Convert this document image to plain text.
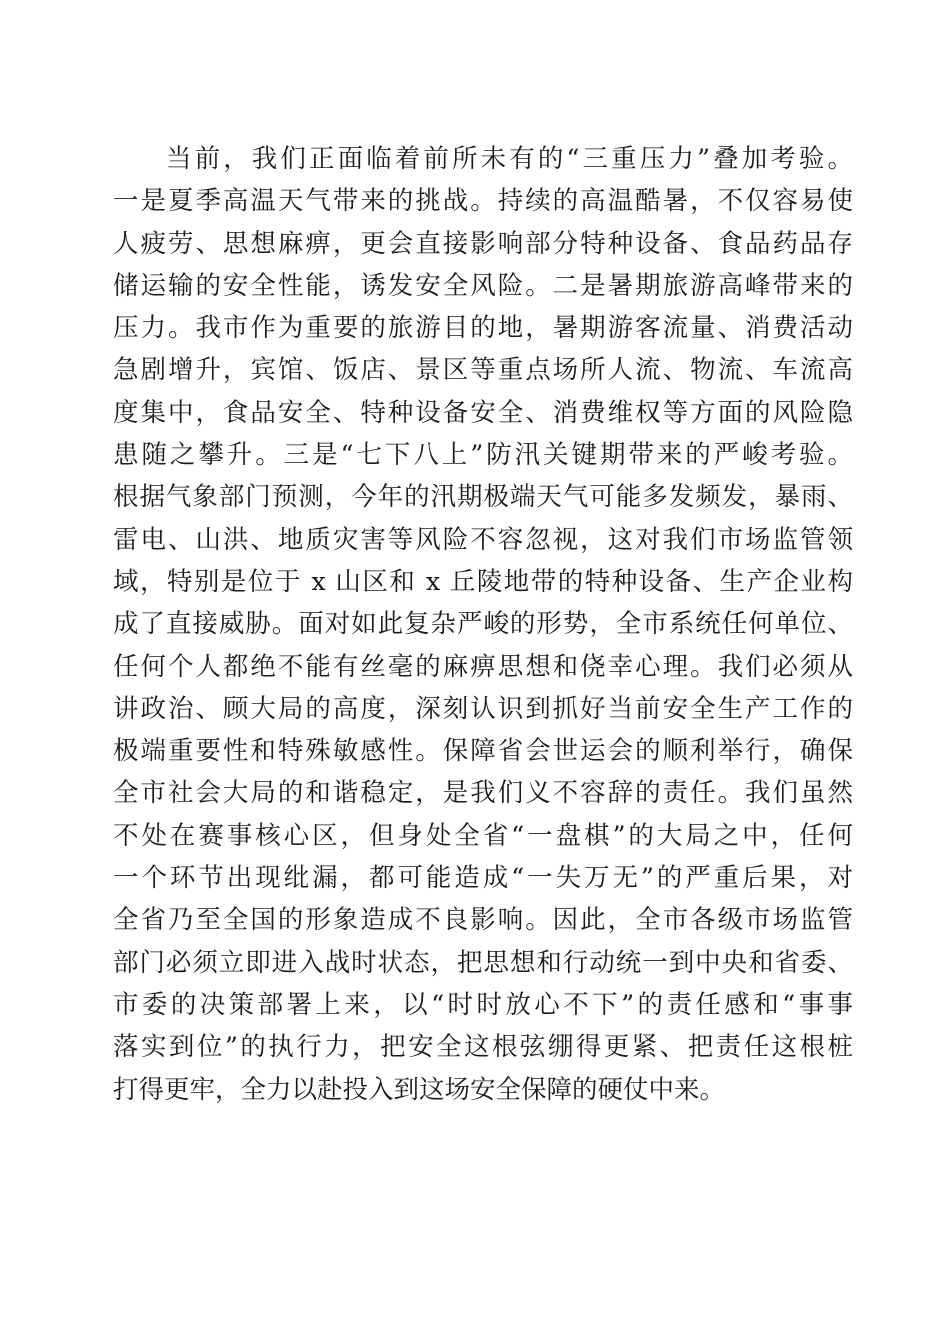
当前，我们正面临着前所未有的“三重压力”叠加考验。
一是夏季高温天气带来的挑战。持续的高温酷暑，不仅容易使
人疲劳、思想麻痹，更会直接影响部分特种设备、食品药品存
储运输的安全性能，诱发安全风险。二是暑期旅游高峰带来的
压力。我市作为重要的旅游目的地，暑期游客流量、消费活动
急剧增升，宾馆、饭店、景区等重点场所人流、物流、车流高
度集中，食品安全、特种设备安全、消费维权等方面的风险隐
患随之攀升。三是“七下八上”防汛关键期带来的严峻考验。
根据气象部门预测，今年的汛期极端天气可能多发频发，暴雨、
雷电、山洪、地质灾害等风险不容忽视，这对我们市场监管领
域，特别是位于 x 山区和 x 丘陵地带的特种设备、生产企业构
成了直接威胁。面对如此复杂严峻的形势，全市系统任何单位、
任何个人都绝不能有丝毫的麻痹思想和侥幸心理。我们必须从
讲政治、顾大局的高度，深刻认识到抓好当前安全生产工作的
极端重要性和特殊敏感性。保障省会世运会的顺利举行，确保
全市社会大局的和谐稳定，是我们义不容辞的责任。我们虽然
不处在赛事核心区，但身处全省“一盘棋”的大局之中，任何
一个环节出现纰漏，都可能造成“一失万无”的严重后果，对
全省乃至全国的形象造成不良影响。因此，全市各级市场监管
部门必须立即进入战时状态，把思想和行动统一到中央和省委、
市委的决策部署上来，以“时时放心不下”的责任感和“事事
落实到位”的执行力，把安全这根弦绷得更紧、把责任这根桩
打得更牢，全力以赴投入到这场安全保障的硬仗中来。
